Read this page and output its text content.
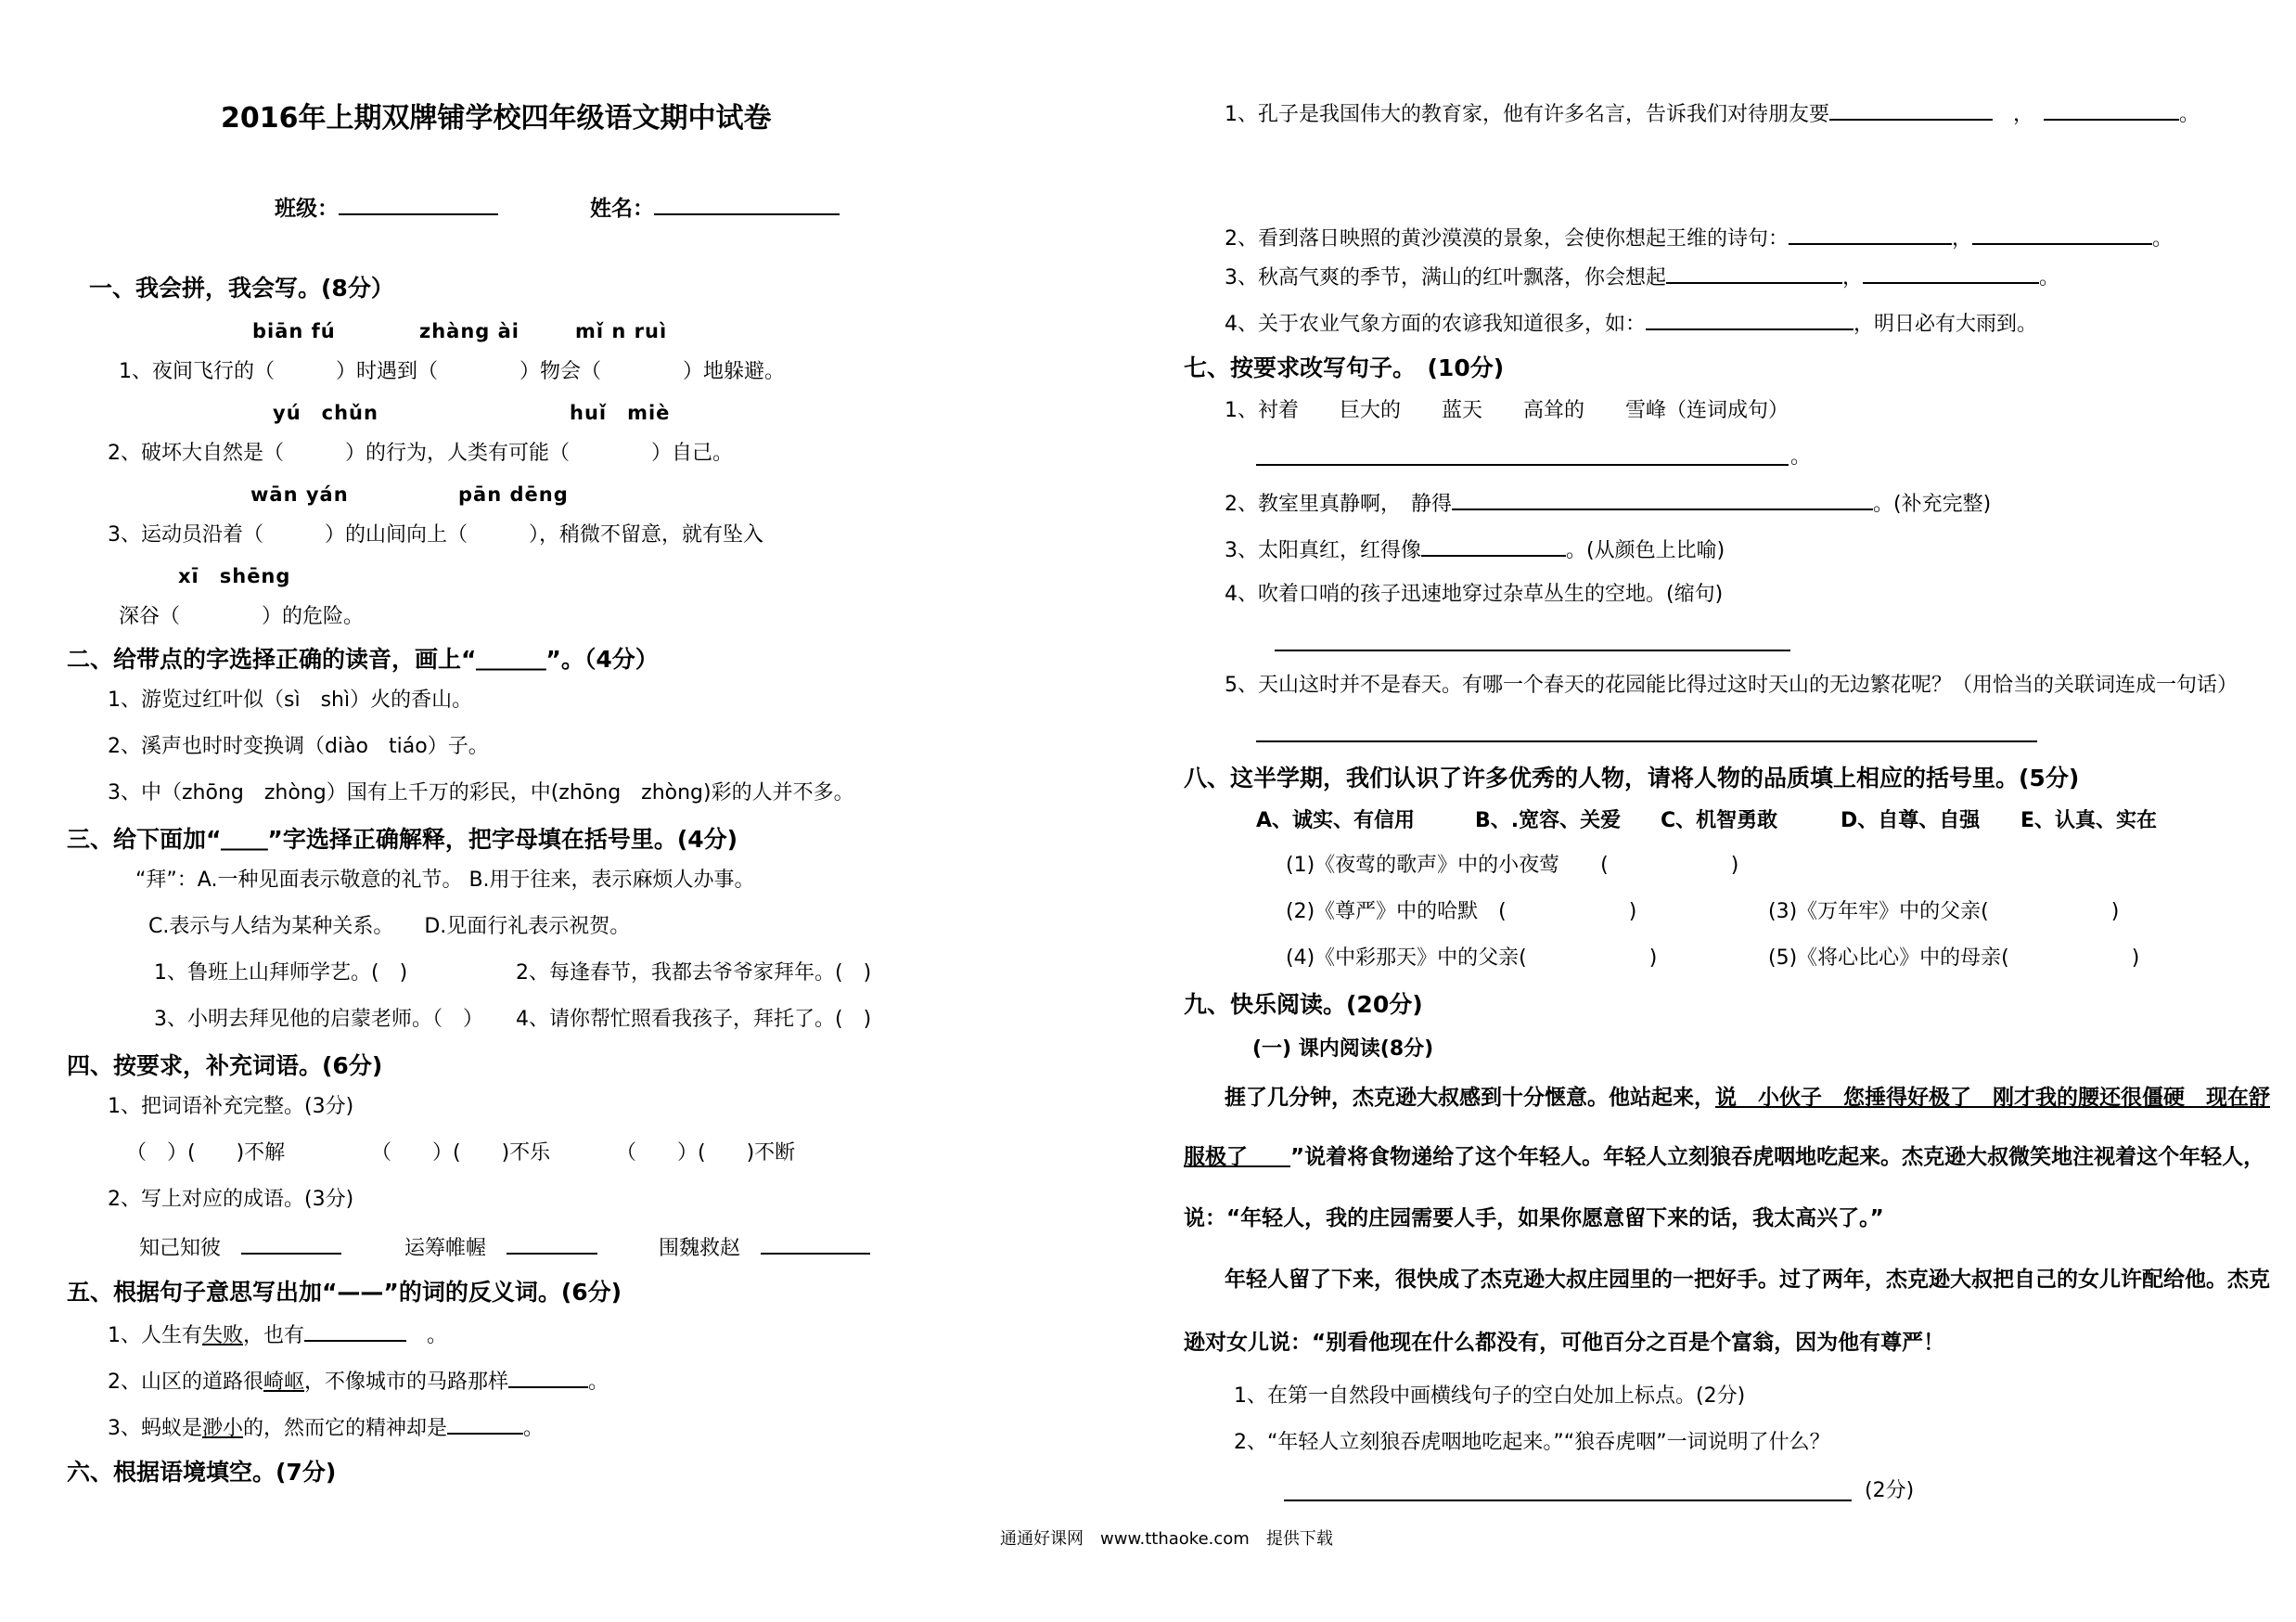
2016年上期双牌铺学校四年级语文期中试卷
班级：	姓名：
一、我会拼，我会写。(8分）
biān fú	zhàng ài	mǐ n ruì
1、夜间飞行的（　　　）时遇到（　　　　）物会（　　　　）地躲避。
yú　chǔn	huǐ　miè
2、破坏大自然是（　　　）的行为，人类有可能（　　　　）自己。
wān yán	pān dēng
3、运动员沿着（　　　）的山间向上（　　　），稍微不留意，就有坠入
xī　shēng
深谷（　　　　）的危险。
二、给带点的字选择正确的读音，画上“＿＿＿”。（4分）
1、游览过红叶似（sì　shì）火的香山。
2、溪声也时时变换调（diào　tiáo）子。
3、中（zhōng　zhòng）国有上千万的彩民，中(zhōng　zhòng)彩的人并不多。
三、给下面加“＿＿”字选择正确解释，把字母填在括号里。(4分)
“拜”：A.一种见面表示敬意的礼节。 B.用于往来，表示麻烦人办事。
C.表示与人结为某种关系。　　D.见面行礼表示祝贺。
1、鲁班上山拜师学艺。(　)	2、每逢春节，我都去爷爷家拜年。(　)
3、小明去拜见他的启蒙老师。（　） 4、请你帮忙照看我孩子，拜托了。(　)
四、按要求，补充词语。(6分)
1、把词语补充完整。(3分)
（　）(　　)不解	（　　）(　　)不乐	（　　）(　　)不断
2、写上对应的成语。(3分)
知己知彼　	运筹帷幄　	围魏救赵　
五、根据句子意思写出加“——”的词的反义词。(6分)
1、人生有失败，也有　	。
2、山区的道路很崎岖，不像城市的马路那样	。
3、蚂蚁是渺小的，然而它的精神却是	。
六、根据语境填空。(7分)
1、孔子是我国伟大的教育家，他有许多名言，告诉我们对待朋友要　	，　	。
2、看到落日映照的黄沙漠漠的景象，会使你想起王维的诗句：	，	。
3、秋高气爽的季节，满山的红叶飘落，你会想起	，	。
4、关于农业气象方面的农谚我知道很多，如：	，明日必有大雨到。
七、按要求改写句子。　(10分)
1、衬着　　巨大的　　蓝天　　高耸的　　雪峰（连词成句）
。
2、教室里真静啊，　静得	。(补充完整)
3、太阳真红，红得像	。(从颜色上比喻)
4、吹着口哨的孩子迅速地穿过杂草丛生的空地。(缩句)
5、天山这时并不是春天。有哪一个春天的花园能比得过这时天山的无边繁花呢？（用恰当的关联词连成一句话）
八、这半学期，我们认识了许多优秀的人物，请将人物的品质填上相应的括号里。(5分)
A、诚实、有信用	B、.宽容、关爱 C、机智勇敢	D、自尊、自强 E、认真、实在
(1)《夜莺的歌声》中的小夜莺　　(　　　　　　)
(2)《尊严》中的哈默　(　　　　　　)	(3)《万年牢》中的父亲(　　　　　　)
(4)《中彩那天》中的父亲(　　　　　　)	(5)《将心比心》中的母亲(　　　　　　)
九、快乐阅读。(20分)
(一) 课内阅读(8分)
捱了几分钟，杰克逊大叔感到十分惬意。他站起来，说　小伙子　您捶得好极了　刚才我的腰还很僵硬　现在舒
服极了　　”说着将食物递给了这个年轻人。年轻人立刻狼吞虎咽地吃起来。杰克逊大叔微笑地注视着这个年轻人，
说：“年轻人，我的庄园需要人手，如果你愿意留下来的话，我太高兴了。”
年轻人留了下来，很快成了杰克逊大叔庄园里的一把好手。过了两年，杰克逊大叔把自己的女儿许配给他。杰克
逊对女儿说：“别看他现在什么都没有，可他百分之百是个富翁，因为他有尊严！
1、在第一自然段中画横线句子的空白处加上标点。(2分)
2、“年轻人立刻狼吞虎咽地吃起来。”“狼吞虎咽”一词说明了什么？
(2分)
通通好课网　www.tthaoke.com　提供下载
